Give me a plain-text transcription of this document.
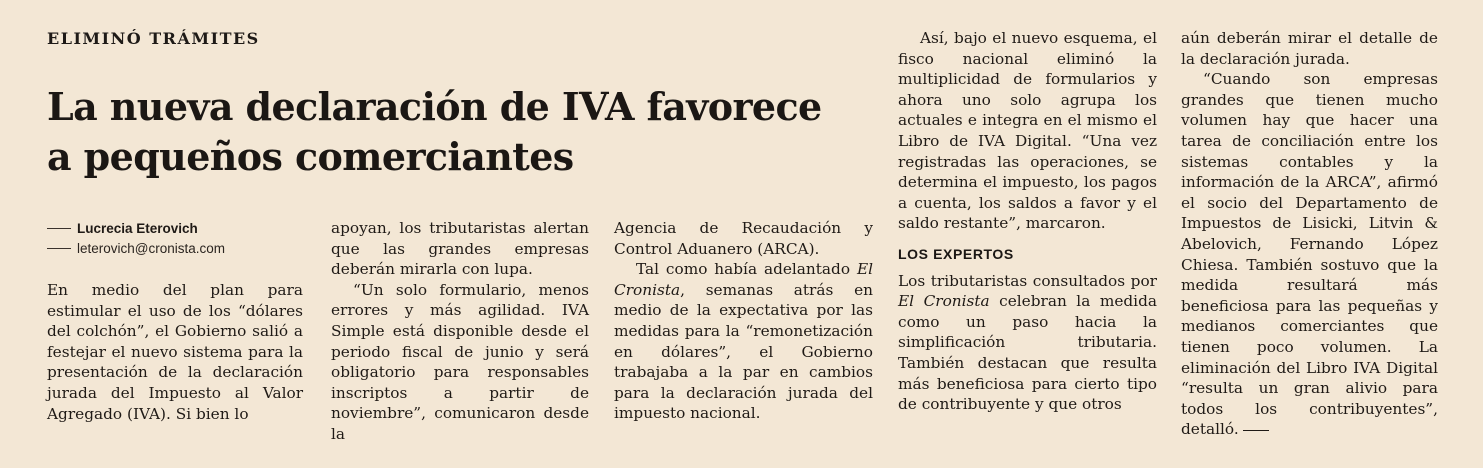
ELIMINÓ TRÁMITES
La nueva declaración de IVA favorece a pequeños comerciantes
Lucrecia Eterovich
leterovich@cronista.com

En medio del plan para estimular el uso de los “dólares del colchón”, el Gobierno salió a festejar el nuevo sistema para la presentación de la declaración jurada del Impuesto al Valor Agregado (IVA). Si bien lo

apoyan, los tributaristas alertan que las grandes empresas deberán mirarla con lupa.

“Un solo formulario, menos errores y más agilidad. IVA Simple está disponible desde el periodo fiscal de junio y será obligatorio para responsables inscriptos a partir de noviembre”, comunicaron desde la

Agencia de Recaudación y Control Aduanero (ARCA).

Tal como había adelantado El Cronista, semanas atrás en medio de la expectativa por las medidas para la “remonetización en dólares”, el Gobierno trabajaba a la par en cambios para la declaración jurada del impuesto nacional.

Así, bajo el nuevo esquema, el fisco nacional eliminó la multiplicidad de formularios y ahora uno solo agrupa los actuales e integra en el mismo el Libro de IVA Digital. “Una vez registradas las operaciones, se determina el impuesto, los pagos a cuenta, los saldos a favor y el saldo restante”, marcaron.

LOS EXPERTOS

Los tributaristas consultados por El Cronista celebran la medida como un paso hacia la simplificación tributaria. También destacan que resulta más beneficiosa para cierto tipo de contribuyente y que otros

aún deberán mirar el detalle de la declaración jurada.

“Cuando son empresas grandes que tienen mucho volumen hay que hacer una tarea de conciliación entre los sistemas contables y la información de la ARCA”, afirmó el socio del Departamento de Impuestos de Lisicki, Litvin & Abelovich, Fernando López Chiesa. También sostuvo que la medida resultará más beneficiosa para las pequeñas y medianos comerciantes que tienen poco volumen. La eliminación del Libro IVA Digital “resulta un gran alivio para todos los contribuyentes”, detalló.
